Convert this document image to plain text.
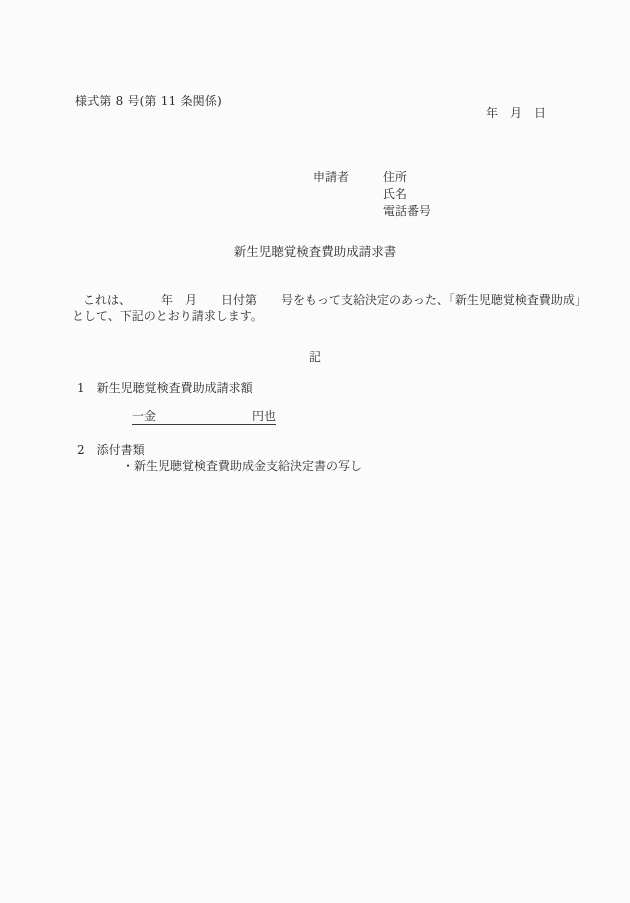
様式第 8 号(第 11 条関係)
年　月　日
申請者	住所
氏名
電話番号
新生児聴覚検査費助成請求書

これは、　　　年　月　　日付第　　号をもって支給決定のあった、「新生児聴覚検査費助成」
として、下記のとおり請求します。

記
1　 新生児聴覚検査費助成請求額
一金　　　　　　　　円也
2　 添付書類
・新生児聴覚検査費助成金支給決定書の写し
